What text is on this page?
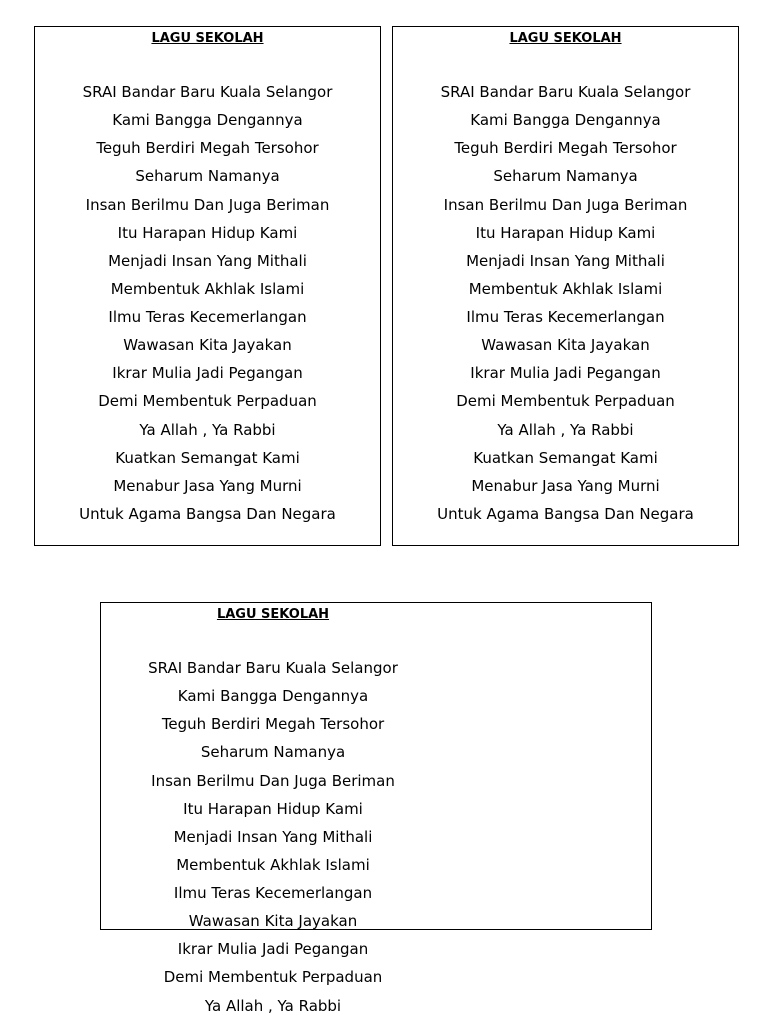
LAGU SEKOLAH
SRAI Bandar Baru Kuala Selangor
Kami Bangga Dengannya
Teguh Berdiri Megah Tersohor
Seharum Namanya
Insan Berilmu Dan Juga Beriman
Itu Harapan Hidup Kami
Menjadi Insan Yang Mithali
Membentuk Akhlak Islami
Ilmu Teras Kecemerlangan
Wawasan Kita Jayakan
Ikrar Mulia Jadi Pegangan
Demi Membentuk Perpaduan
Ya Allah , Ya Rabbi
Kuatkan Semangat Kami
Menabur Jasa Yang Murni
Untuk Agama Bangsa Dan Negara
LAGU SEKOLAH
SRAI Bandar Baru Kuala Selangor
Kami Bangga Dengannya
Teguh Berdiri Megah Tersohor
Seharum Namanya
Insan Berilmu Dan Juga Beriman
Itu Harapan Hidup Kami
Menjadi Insan Yang Mithali
Membentuk Akhlak Islami
Ilmu Teras Kecemerlangan
Wawasan Kita Jayakan
Ikrar Mulia Jadi Pegangan
Demi Membentuk Perpaduan
Ya Allah , Ya Rabbi
Kuatkan Semangat Kami
Menabur Jasa Yang Murni
Untuk Agama Bangsa Dan Negara
LAGU SEKOLAH
SRAI Bandar Baru Kuala Selangor
Kami Bangga Dengannya
Teguh Berdiri Megah Tersohor
Seharum Namanya
Insan Berilmu Dan Juga Beriman
Itu Harapan Hidup Kami
Menjadi Insan Yang Mithali
Membentuk Akhlak Islami
Ilmu Teras Kecemerlangan
Wawasan Kita Jayakan
Ikrar Mulia Jadi Pegangan
Demi Membentuk Perpaduan
Ya Allah , Ya Rabbi
